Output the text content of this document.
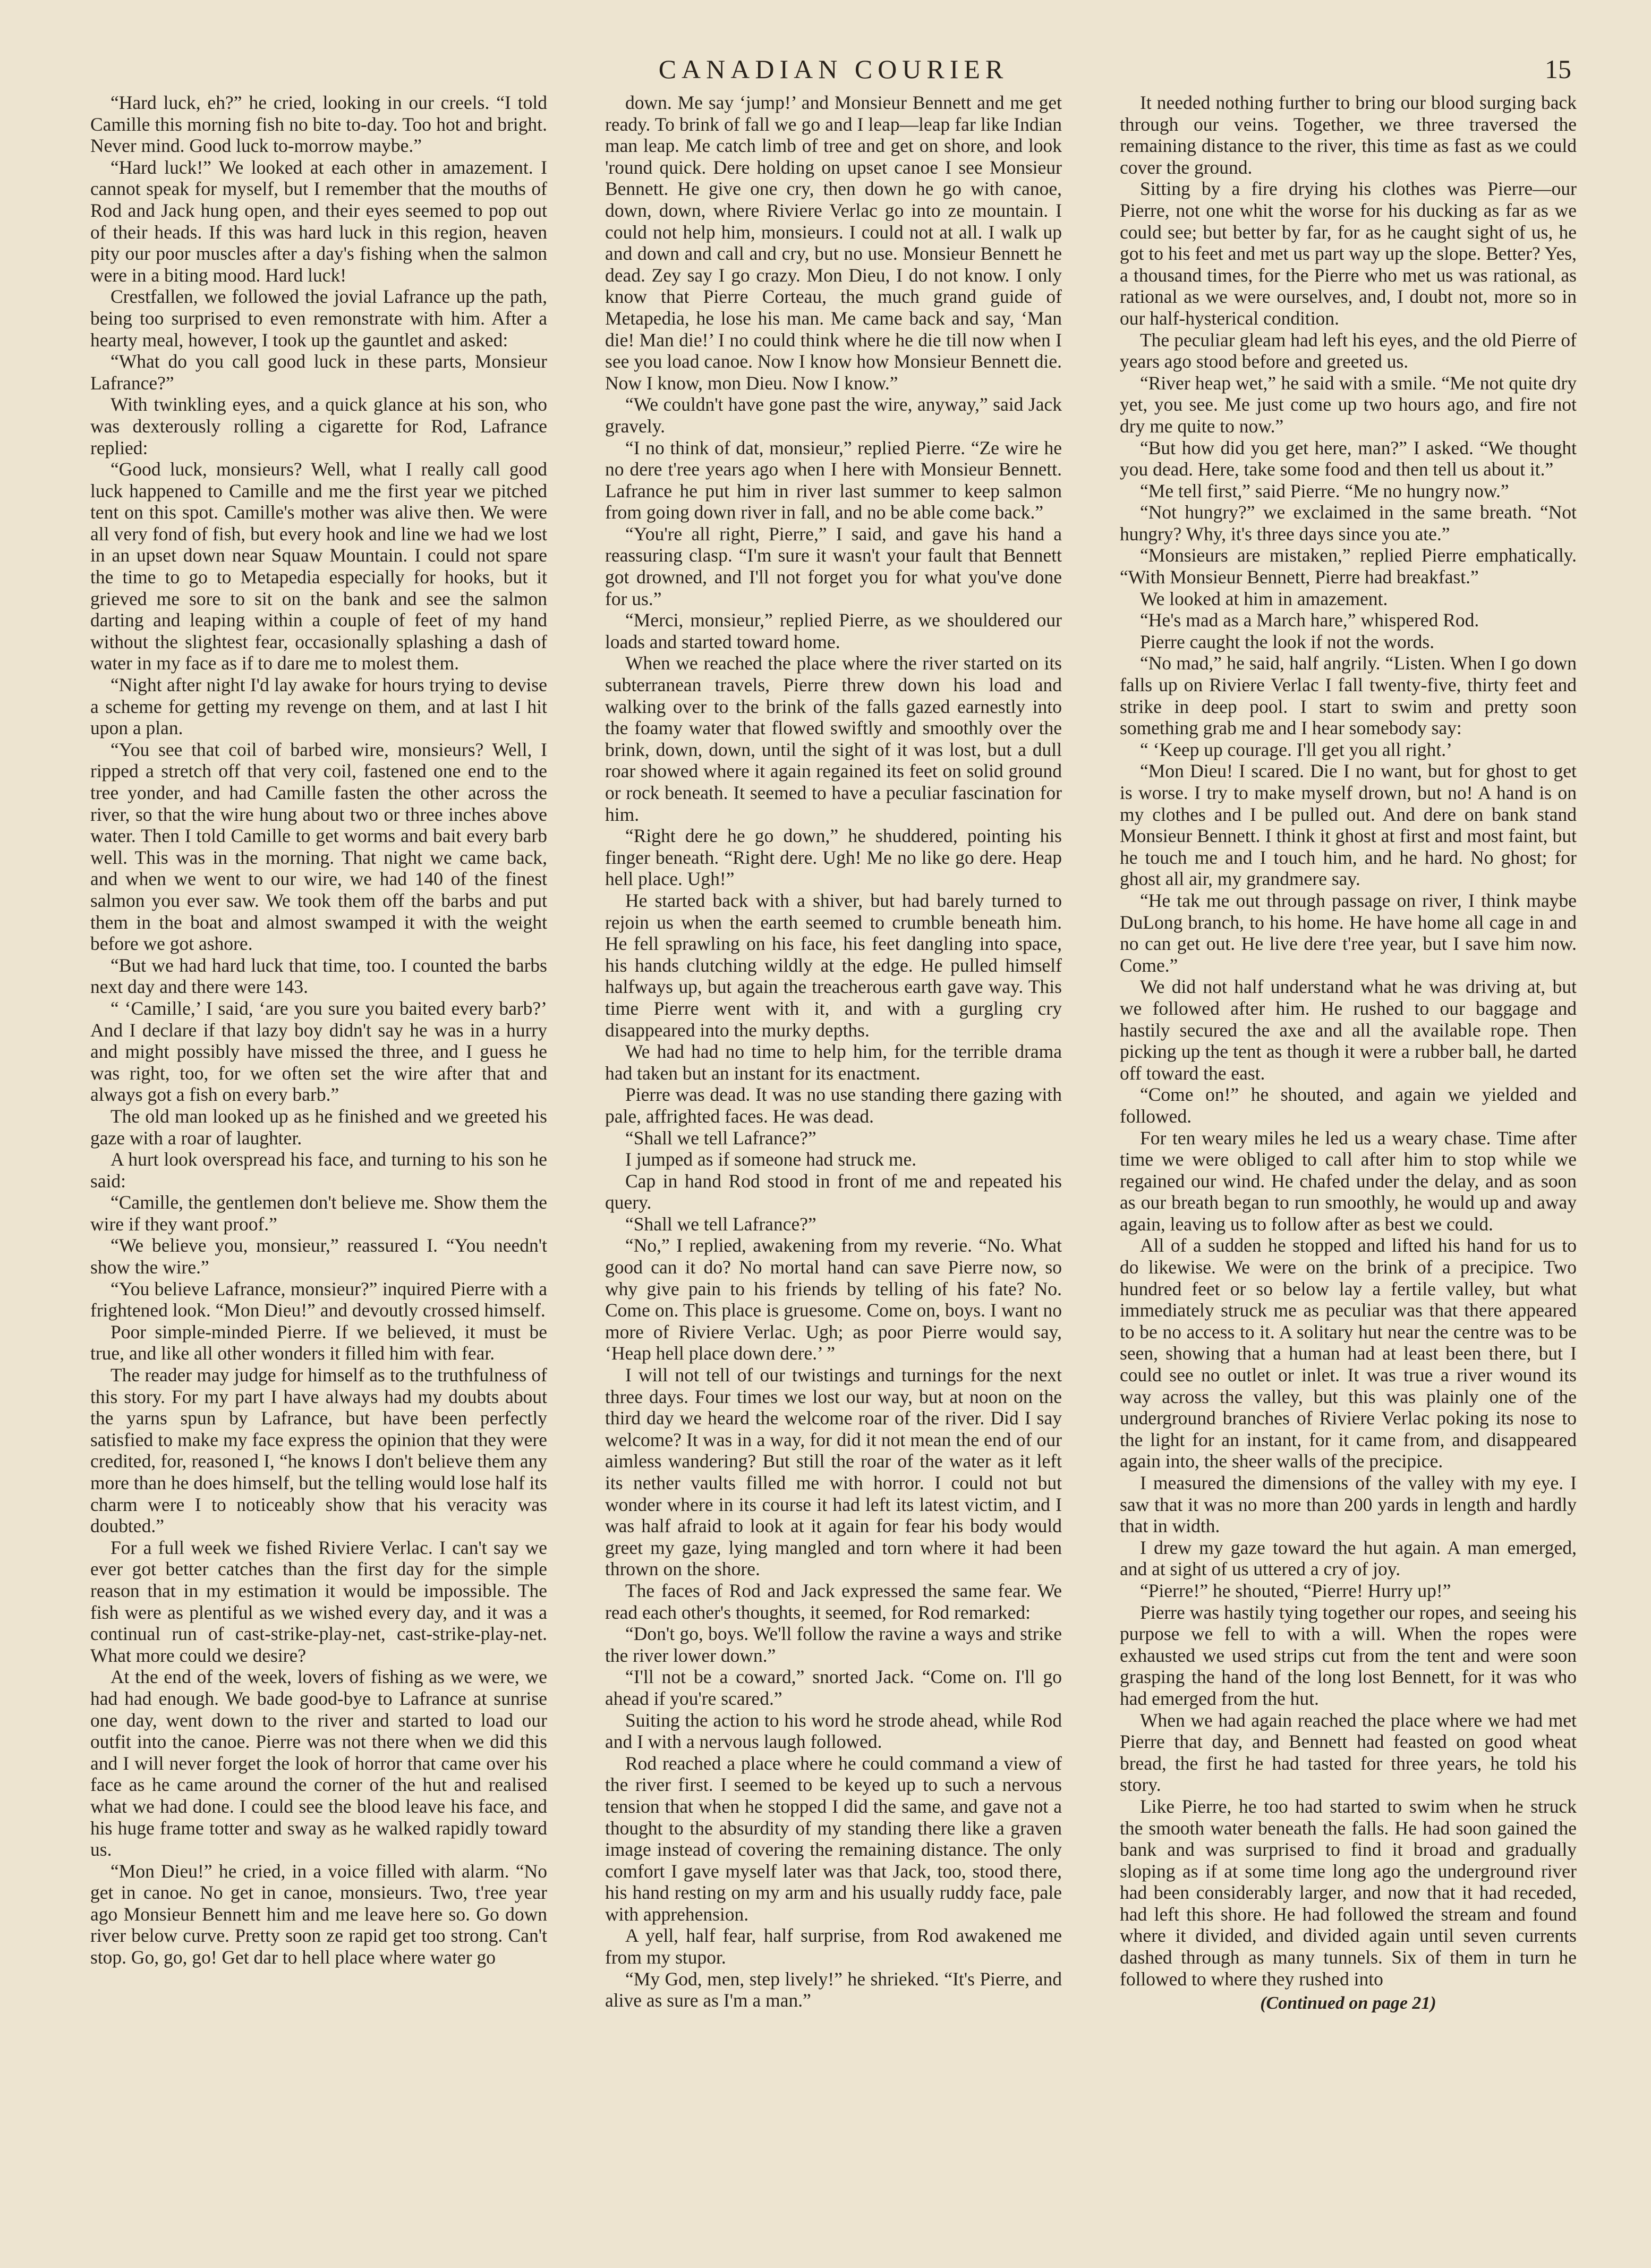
CANADIAN COURIER	15

“Hard luck, eh?” he cried, looking in our creels. “I told Camille this morning fish no bite to-day. Too hot and bright. Never mind. Good luck to-morrow maybe.”

“Hard luck!” We looked at each other in amazement. I cannot speak for myself, but I remember that the mouths of Rod and Jack hung open, and their eyes seemed to pop out of their heads. If this was hard luck in this region, heaven pity our poor muscles after a day's fishing when the salmon were in a biting mood. Hard luck!

Crestfallen, we followed the jovial Lafrance up the path, being too surprised to even remonstrate with him. After a hearty meal, however, I took up the gauntlet and asked:

“What do you call good luck in these parts, Monsieur Lafrance?”

With twinkling eyes, and a quick glance at his son, who was dexterously rolling a cigarette for Rod, Lafrance replied:

“Good luck, monsieurs? Well, what I really call good luck happened to Camille and me the first year we pitched tent on this spot. Camille's mother was alive then. We were all very fond of fish, but every hook and line we had we lost in an upset down near Squaw Mountain. I could not spare the time to go to Metapedia especially for hooks, but it grieved me sore to sit on the bank and see the salmon darting and leaping within a couple of feet of my hand without the slightest fear, occasionally splashing a dash of water in my face as if to dare me to molest them.

“Night after night I'd lay awake for hours trying to devise a scheme for getting my revenge on them, and at last I hit upon a plan.

“You see that coil of barbed wire, monsieurs? Well, I ripped a stretch off that very coil, fastened one end to the tree yonder, and had Camille fasten the other across the river, so that the wire hung about two or three inches above water. Then I told Camille to get worms and bait every barb well. This was in the morning. That night we came back, and when we went to our wire, we had 140 of the finest salmon you ever saw. We took them off the barbs and put them in the boat and almost swamped it with the weight before we got ashore.

“But we had hard luck that time, too. I counted the barbs next day and there were 143.

“ ‘Camille,’ I said, ‘are you sure you baited every barb?’ And I declare if that lazy boy didn't say he was in a hurry and might possibly have missed the three, and I guess he was right, too, for we often set the wire after that and always got a fish on every barb.”

The old man looked up as he finished and we greeted his gaze with a roar of laughter.

A hurt look overspread his face, and turning to his son he said:

“Camille, the gentlemen don't believe me. Show them the wire if they want proof.”

“We believe you, monsieur,” reassured I. “You needn't show the wire.”

“You believe Lafrance, monsieur?” inquired Pierre with a frightened look. “Mon Dieu!” and devoutly crossed himself.

Poor simple-minded Pierre. If we believed, it must be true, and like all other wonders it filled him with fear.

The reader may judge for himself as to the truthfulness of this story. For my part I have always had my doubts about the yarns spun by Lafrance, but have been perfectly satisfied to make my face express the opinion that they were credited, for, reasoned I, “he knows I don't believe them any more than he does himself, but the telling would lose half its charm were I to noticeably show that his veracity was doubted.”

For a full week we fished Riviere Verlac. I can't say we ever got better catches than the first day for the simple reason that in my estimation it would be impossible. The fish were as plentiful as we wished every day, and it was a continual run of cast-strike-play-net, cast-strike-play-net. What more could we desire?

At the end of the week, lovers of fishing as we were, we had had enough. We bade good-bye to Lafrance at sunrise one day, went down to the river and started to load our outfit into the canoe. Pierre was not there when we did this and I will never forget the look of horror that came over his face as he came around the corner of the hut and realised what we had done. I could see the blood leave his face, and his huge frame totter and sway as he walked rapidly toward us.

“Mon Dieu!” he cried, in a voice filled with alarm. “No get in canoe. No get in canoe, monsieurs. Two, t'ree year ago Monsieur Bennett him and me leave here so. Go down river below curve. Pretty soon ze rapid get too strong. Can't stop. Go, go, go! Get dar to hell place where water go

down. Me say ‘jump!’ and Monsieur Bennett and me get ready. To brink of fall we go and I leap—leap far like Indian man leap. Me catch limb of tree and get on shore, and look 'round quick. Dere holding on upset canoe I see Monsieur Bennett. He give one cry, then down he go with canoe, down, down, where Riviere Verlac go into ze mountain. I could not help him, monsieurs. I could not at all. I walk up and down and call and cry, but no use. Monsieur Bennett he dead. Zey say I go crazy. Mon Dieu, I do not know. I only know that Pierre Corteau, the much grand guide of Metapedia, he lose his man. Me came back and say, ‘Man die! Man die!’ I no could think where he die till now when I see you load canoe. Now I know how Monsieur Bennett die. Now I know, mon Dieu. Now I know.”

“We couldn't have gone past the wire, anyway,” said Jack gravely.

“I no think of dat, monsieur,” replied Pierre. “Ze wire he no dere t'ree years ago when I here with Monsieur Bennett. Lafrance he put him in river last summer to keep salmon from going down river in fall, and no be able come back.”

“You're all right, Pierre,” I said, and gave his hand a reassuring clasp. “I'm sure it wasn't your fault that Bennett got drowned, and I'll not forget you for what you've done for us.”

“Merci, monsieur,” replied Pierre, as we shouldered our loads and started toward home.

When we reached the place where the river started on its subterranean travels, Pierre threw down his load and walking over to the brink of the falls gazed earnestly into the foamy water that flowed swiftly and smoothly over the brink, down, down, until the sight of it was lost, but a dull roar showed where it again regained its feet on solid ground or rock beneath. It seemed to have a peculiar fascination for him.

“Right dere he go down,” he shuddered, pointing his finger beneath. “Right dere. Ugh! Me no like go dere. Heap hell place. Ugh!”

He started back with a shiver, but had barely turned to rejoin us when the earth seemed to crumble beneath him. He fell sprawling on his face, his feet dangling into space, his hands clutching wildly at the edge. He pulled himself halfways up, but again the treacherous earth gave way. This time Pierre went with it, and with a gurgling cry disappeared into the murky depths.

We had had no time to help him, for the terrible drama had taken but an instant for its enactment.

Pierre was dead. It was no use standing there gazing with pale, affrighted faces. He was dead.

“Shall we tell Lafrance?”

I jumped as if someone had struck me.

Cap in hand Rod stood in front of me and repeated his query.

“Shall we tell Lafrance?”

“No,” I replied, awakening from my reverie. “No. What good can it do? No mortal hand can save Pierre now, so why give pain to his friends by telling of his fate? No. Come on. This place is gruesome. Come on, boys. I want no more of Riviere Verlac. Ugh; as poor Pierre would say, ‘Heap hell place down dere.’ ”

I will not tell of our twistings and turnings for the next three days. Four times we lost our way, but at noon on the third day we heard the welcome roar of the river. Did I say welcome? It was in a way, for did it not mean the end of our aimless wandering? But still the roar of the water as it left its nether vaults filled me with horror. I could not but wonder where in its course it had left its latest victim, and I was half afraid to look at it again for fear his body would greet my gaze, lying mangled and torn where it had been thrown on the shore.

The faces of Rod and Jack expressed the same fear. We read each other's thoughts, it seemed, for Rod remarked:

“Don't go, boys. We'll follow the ravine a ways and strike the river lower down.”

“I'll not be a coward,” snorted Jack. “Come on. I'll go ahead if you're scared.”

Suiting the action to his word he strode ahead, while Rod and I with a nervous laugh followed.

Rod reached a place where he could command a view of the river first. I seemed to be keyed up to such a nervous tension that when he stopped I did the same, and gave not a thought to the absurdity of my standing there like a graven image instead of covering the remaining distance. The only comfort I gave myself later was that Jack, too, stood there, his hand resting on my arm and his usually ruddy face, pale with apprehension.

A yell, half fear, half surprise, from Rod awakened me from my stupor.

“My God, men, step lively!” he shrieked. “It's Pierre, and alive as sure as I'm a man.”

It needed nothing further to bring our blood surging back through our veins. Together, we three traversed the remaining distance to the river, this time as fast as we could cover the ground.

Sitting by a fire drying his clothes was Pierre—our Pierre, not one whit the worse for his ducking as far as we could see; but better by far, for as he caught sight of us, he got to his feet and met us part way up the slope. Better? Yes, a thousand times, for the Pierre who met us was rational, as rational as we were ourselves, and, I doubt not, more so in our half-hysterical condition.

The peculiar gleam had left his eyes, and the old Pierre of years ago stood before and greeted us.

“River heap wet,” he said with a smile. “Me not quite dry yet, you see. Me just come up two hours ago, and fire not dry me quite to now.”

“But how did you get here, man?” I asked. “We thought you dead. Here, take some food and then tell us about it.”

“Me tell first,” said Pierre. “Me no hungry now.”

“Not hungry?” we exclaimed in the same breath. “Not hungry? Why, it's three days since you ate.”

“Monsieurs are mistaken,” replied Pierre emphatically. “With Monsieur Bennett, Pierre had breakfast.”

We looked at him in amazement.

“He's mad as a March hare,” whispered Rod.

Pierre caught the look if not the words.

“No mad,” he said, half angrily. “Listen. When I go down falls up on Riviere Verlac I fall twenty-five, thirty feet and strike in deep pool. I start to swim and pretty soon something grab me and I hear somebody say:

“ ‘Keep up courage. I'll get you all right.’

“Mon Dieu! I scared. Die I no want, but for ghost to get is worse. I try to make myself drown, but no! A hand is on my clothes and I be pulled out. And dere on bank stand Monsieur Bennett. I think it ghost at first and most faint, but he touch me and I touch him, and he hard. No ghost; for ghost all air, my grandmere say.

“He tak me out through passage on river, I think maybe DuLong branch, to his home. He have home all cage in and no can get out. He live dere t'ree year, but I save him now. Come.”

We did not half understand what he was driving at, but we followed after him. He rushed to our baggage and hastily secured the axe and all the available rope. Then picking up the tent as though it were a rubber ball, he darted off toward the east.

“Come on!” he shouted, and again we yielded and followed.

For ten weary miles he led us a weary chase. Time after time we were obliged to call after him to stop while we regained our wind. He chafed under the delay, and as soon as our breath began to run smoothly, he would up and away again, leaving us to follow after as best we could.

All of a sudden he stopped and lifted his hand for us to do likewise. We were on the brink of a precipice. Two hundred feet or so below lay a fertile valley, but what immediately struck me as peculiar was that there appeared to be no access to it. A solitary hut near the centre was to be seen, showing that a human had at least been there, but I could see no outlet or inlet. It was true a river wound its way across the valley, but this was plainly one of the underground branches of Riviere Verlac poking its nose to the light for an instant, for it came from, and disappeared again into, the sheer walls of the precipice.

I measured the dimensions of the valley with my eye. I saw that it was no more than 200 yards in length and hardly that in width.

I drew my gaze toward the hut again. A man emerged, and at sight of us uttered a cry of joy.

“Pierre!” he shouted, “Pierre! Hurry up!”

Pierre was hastily tying together our ropes, and seeing his purpose we fell to with a will. When the ropes were exhausted we used strips cut from the tent and were soon grasping the hand of the long lost Bennett, for it was who had emerged from the hut.

When we had again reached the place where we had met Pierre that day, and Bennett had feasted on good wheat bread, the first he had tasted for three years, he told his story.

Like Pierre, he too had started to swim when he struck the smooth water beneath the falls. He had soon gained the bank and was surprised to find it broad and gradually sloping as if at some time long ago the underground river had been considerably larger, and now that it had receded, had left this shore. He had followed the stream and found where it divided, and divided again until seven currents dashed through as many tunnels. Six of them in turn he followed to where they rushed into

(Continued on page 21)
